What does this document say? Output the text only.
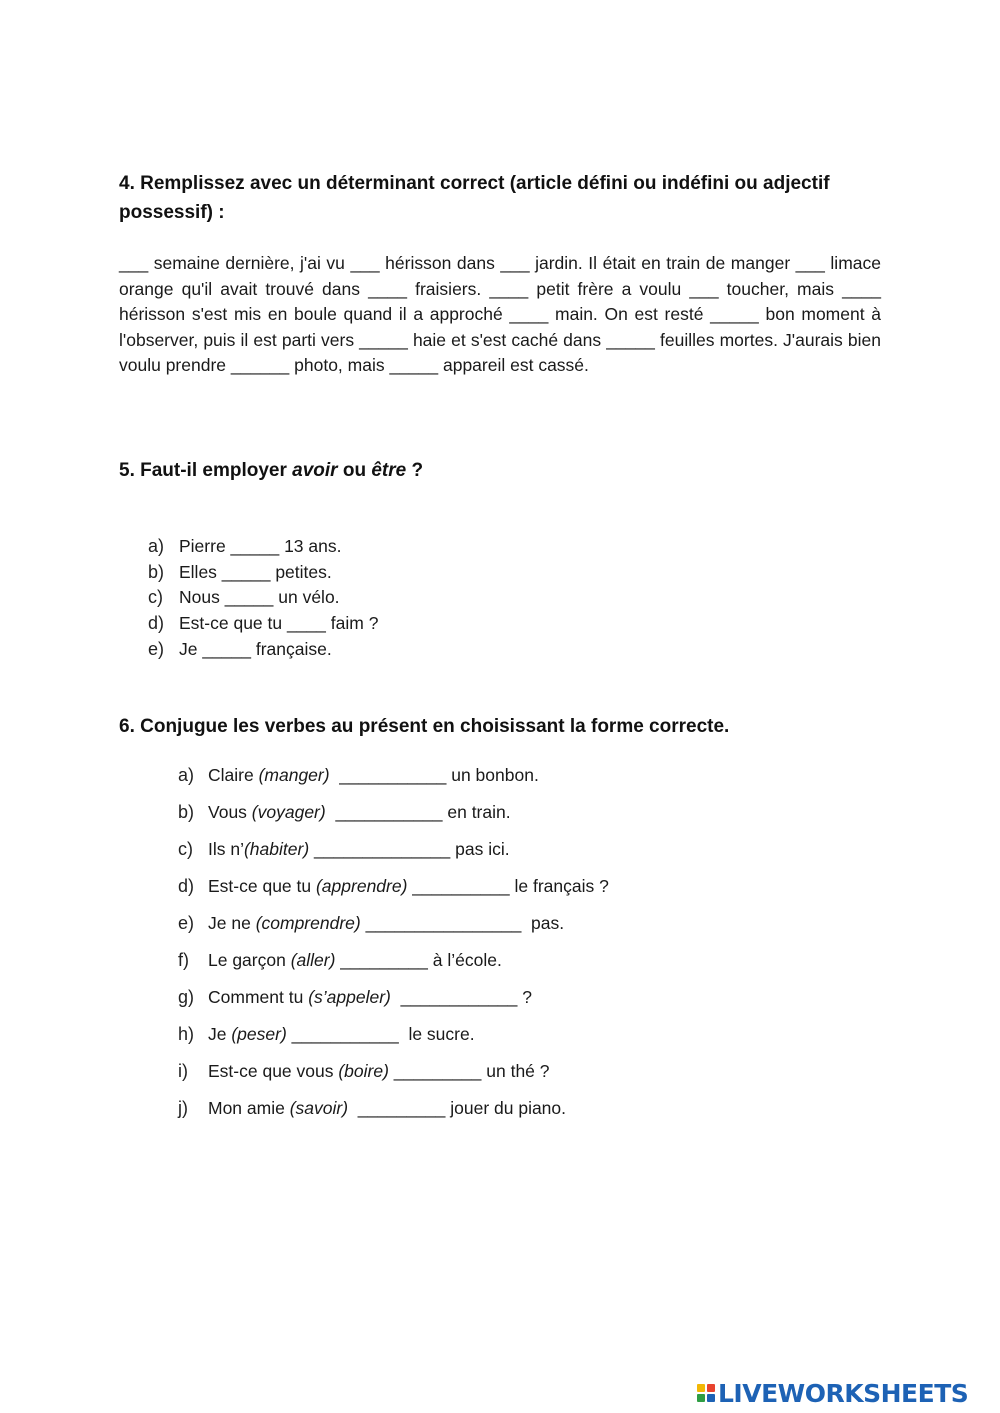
4. Remplissez avec un déterminant correct (article défini ou indéfini ou adjectif possessif) :

___ semaine dernière, j'ai vu ___ hérisson dans ___ jardin. Il était en train de manger ___ limace orange qu'il avait trouvé dans ____ fraisiers. ____ petit frère a voulu ___ toucher, mais ____ hérisson s'est mis en boule quand il a approché ____ main. On est resté _____ bon moment à l'observer, puis il est parti vers _____ haie et s'est caché dans _____ feuilles mortes. J'aurais bien voulu prendre ______ photo, mais _____ appareil est cassé.

5. Faut-il employer avoir ou être ?
a) Pierre _____ 13 ans.
b) Elles _____ petites.
c) Nous _____ un vélo.
d) Est-ce que tu ____ faim ?
e) Je _____ française.
6. Conjugue les verbes au présent en choisissant la forme correcte.
a) Claire (manger)  ___________ un bonbon.
b) Vous (voyager)  ___________ en train.
c) Ils n’(habiter) ______________ pas ici.
d) Est-ce que tu (apprendre) __________ le français ?
e) Je ne (comprendre) ________________  pas.
f) Le garçon (aller) _________ à l’école.
g) Comment tu (s’appeler)  ____________ ?
h) Je (peser) ___________  le sucre.
i) Est-ce que vous (boire) _________ un thé ?
j) Mon amie (savoir)  _________ jouer du piano.
LIVEWORKSHEETS
